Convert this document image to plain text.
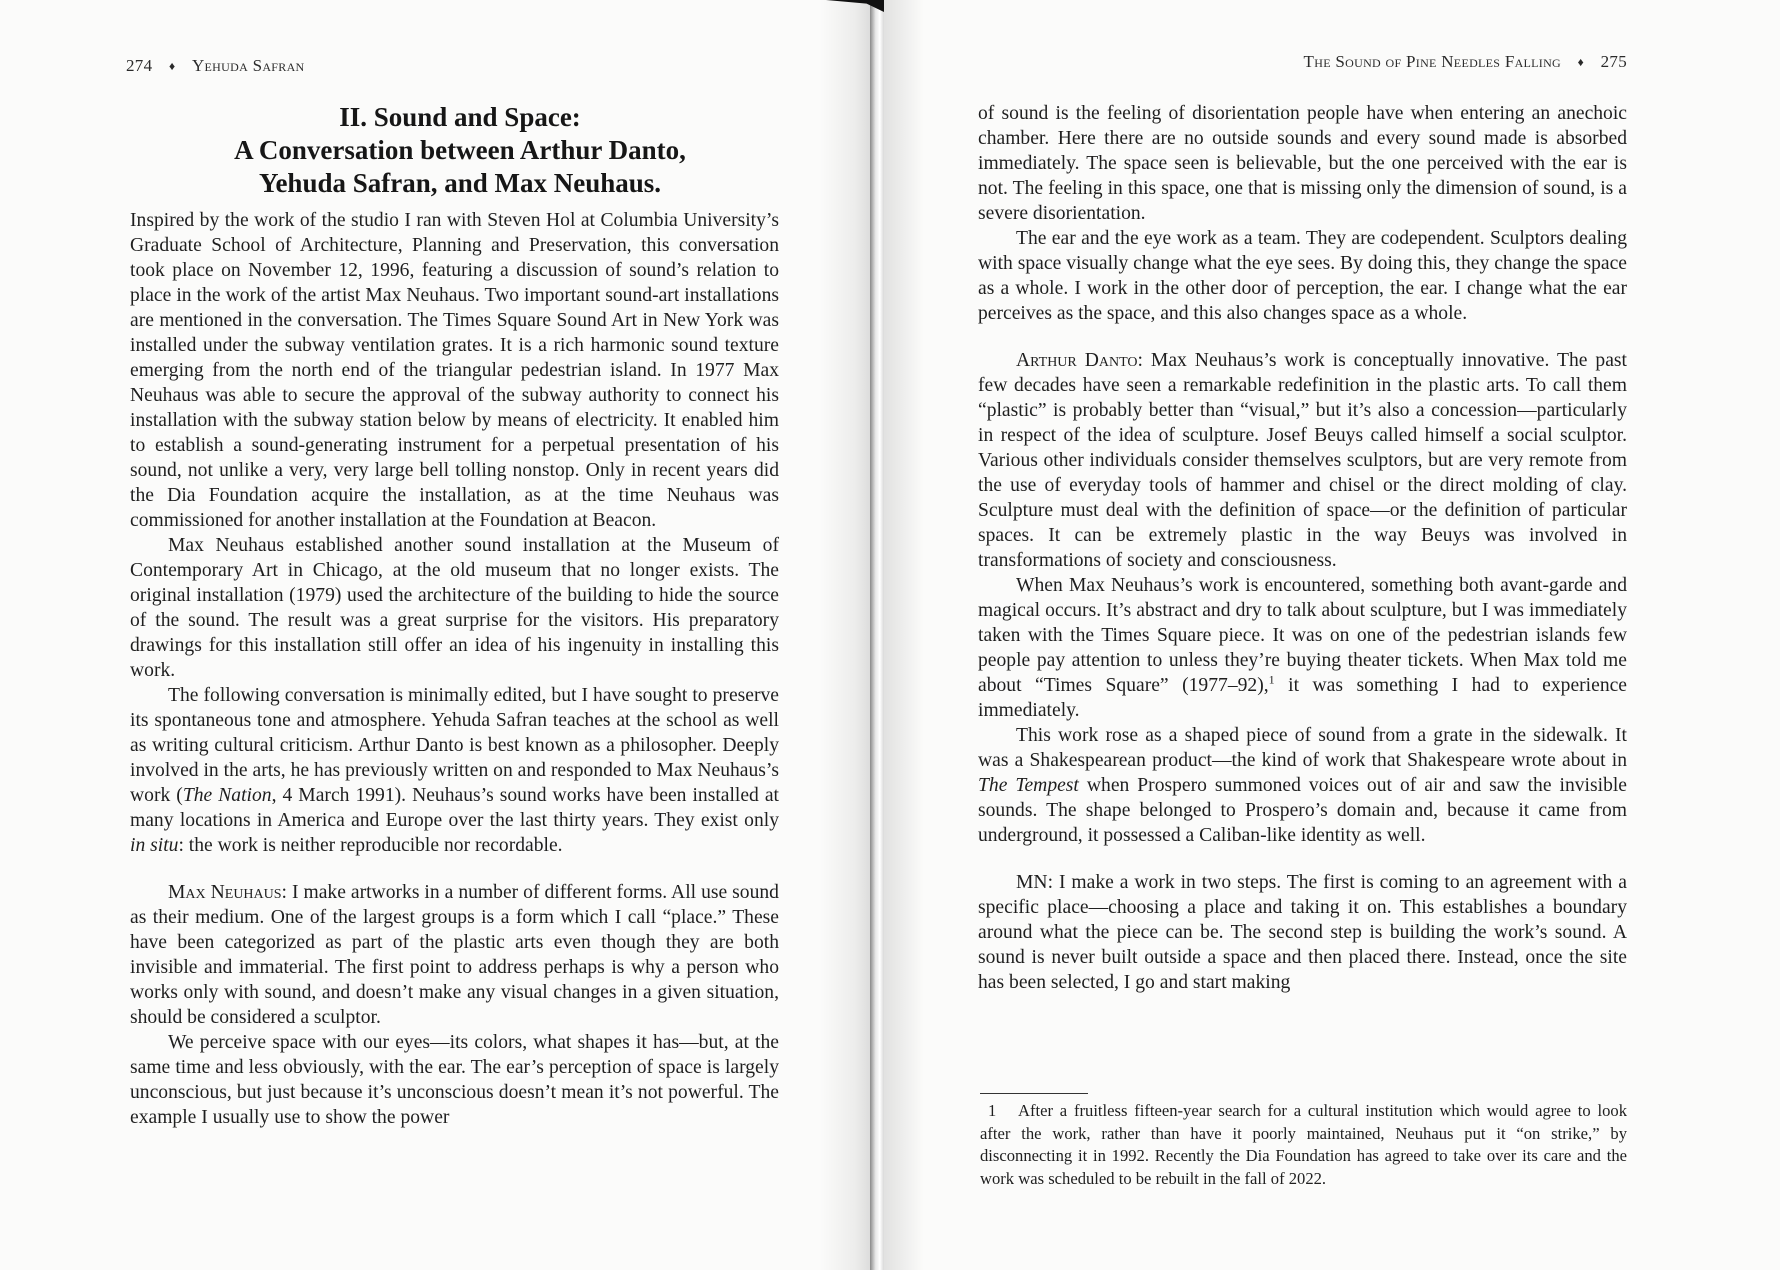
274 ♦ Yehuda Safran
II. Sound and Space:
A Conversation between Arthur Danto,
Yehuda Safran, and Max Neuhaus.

Inspired by the work of the studio I ran with Steven Hol at Columbia University’s Graduate School of Architecture, Planning and Preservation, this conversation took place on November 12, 1996, featuring a discussion of sound’s relation to place in the work of the artist Max Neuhaus. Two important sound-art installations are mentioned in the conversation. The Times Square Sound Art in New York was installed under the subway ventilation grates. It is a rich harmonic sound texture emerging from the north end of the triangular pedestrian island. In 1977 Max Neuhaus was able to secure the approval of the subway authority to connect his installation with the subway station below by means of electricity. It enabled him to establish a sound-generating instrument for a perpetual presentation of his sound, not unlike a very, very large bell tolling nonstop. Only in recent years did the Dia Foundation acquire the installation, as at the time Neuhaus was commissioned for another installation at the Foundation at Beacon.

Max Neuhaus established another sound installation at the Museum of Contemporary Art in Chicago, at the old museum that no longer exists. The original installation (1979) used the architecture of the building to hide the source of the sound. The result was a great surprise for the visitors. His preparatory drawings for this installation still offer an idea of his ingenuity in installing this work.

The following conversation is minimally edited, but I have sought to preserve its spontaneous tone and atmosphere. Yehuda Safran teaches at the school as well as writing cultural criticism. Arthur Danto is best known as a philosopher. Deeply involved in the arts, he has previously written on and responded to Max Neuhaus’s work (The Nation, 4 March 1991). Neuhaus’s sound works have been installed at many locations in America and Europe over the last thirty years. They exist only in situ: the work is neither reproducible nor recordable.

Max Neuhaus: I make artworks in a number of different forms. All use sound as their medium. One of the largest groups is a form which I call “place.” These have been categorized as part of the plastic arts even though they are both invisible and immaterial. The first point to address perhaps is why a person who works only with sound, and doesn’t make any visual changes in a given situation, should be considered a sculptor.

We perceive space with our eyes—its colors, what shapes it has—but, at the same time and less obviously, with the ear. The ear’s perception of space is largely unconscious, but just because it’s unconscious doesn’t mean it’s not powerful. The example I usually use to show the power

The Sound of Pine Needles Falling ♦ 275

of sound is the feeling of disorientation people have when entering an anechoic chamber. Here there are no outside sounds and every sound made is absorbed immediately. The space seen is believable, but the one perceived with the ear is not. The feeling in this space, one that is missing only the dimension of sound, is a severe disorientation.

The ear and the eye work as a team. They are codependent. Sculptors dealing with space visually change what the eye sees. By doing this, they change the space as a whole. I work in the other door of perception, the ear. I change what the ear perceives as the space, and this also changes space as a whole.

Arthur Danto: Max Neuhaus’s work is conceptually innovative. The past few decades have seen a remarkable redefinition in the plastic arts. To call them “plastic” is probably better than “visual,” but it’s also a concession—particularly in respect of the idea of sculpture. Josef Beuys called himself a social sculptor. Various other individuals consider themselves sculptors, but are very remote from the use of everyday tools of hammer and chisel or the direct molding of clay. Sculpture must deal with the definition of space—or the definition of particular spaces. It can be extremely plastic in the way Beuys was involved in transformations of society and consciousness.

When Max Neuhaus’s work is encountered, something both avant-garde and magical occurs. It’s abstract and dry to talk about sculpture, but I was immediately taken with the Times Square piece. It was on one of the pedestrian islands few people pay attention to unless they’re buying theater tickets. When Max told me about “Times Square” (1977–92),$^1$ it was something I had to experience immediately.

This work rose as a shaped piece of sound from a grate in the sidewalk. It was a Shakespearean product—the kind of work that Shakespeare wrote about in The Tempest when Prospero summoned voices out of air and saw the invisible sounds. The shape belonged to Prospero’s domain and, because it came from underground, it possessed a Caliban-like identity as well.

MN: I make a work in two steps. The first is coming to an agreement with a specific place—choosing a place and taking it on. This establishes a boundary around what the piece can be. The second step is building the work’s sound. A sound is never built outside a space and then placed there. Instead, once the site has been selected, I go and start making

1 After a fruitless fifteen-year search for a cultural institution which would agree to look after the work, rather than have it poorly maintained, Neuhaus put it “on strike,” by disconnecting it in 1992. Recently the Dia Foundation has agreed to take over its care and the work was scheduled to be rebuilt in the fall of 2022.
